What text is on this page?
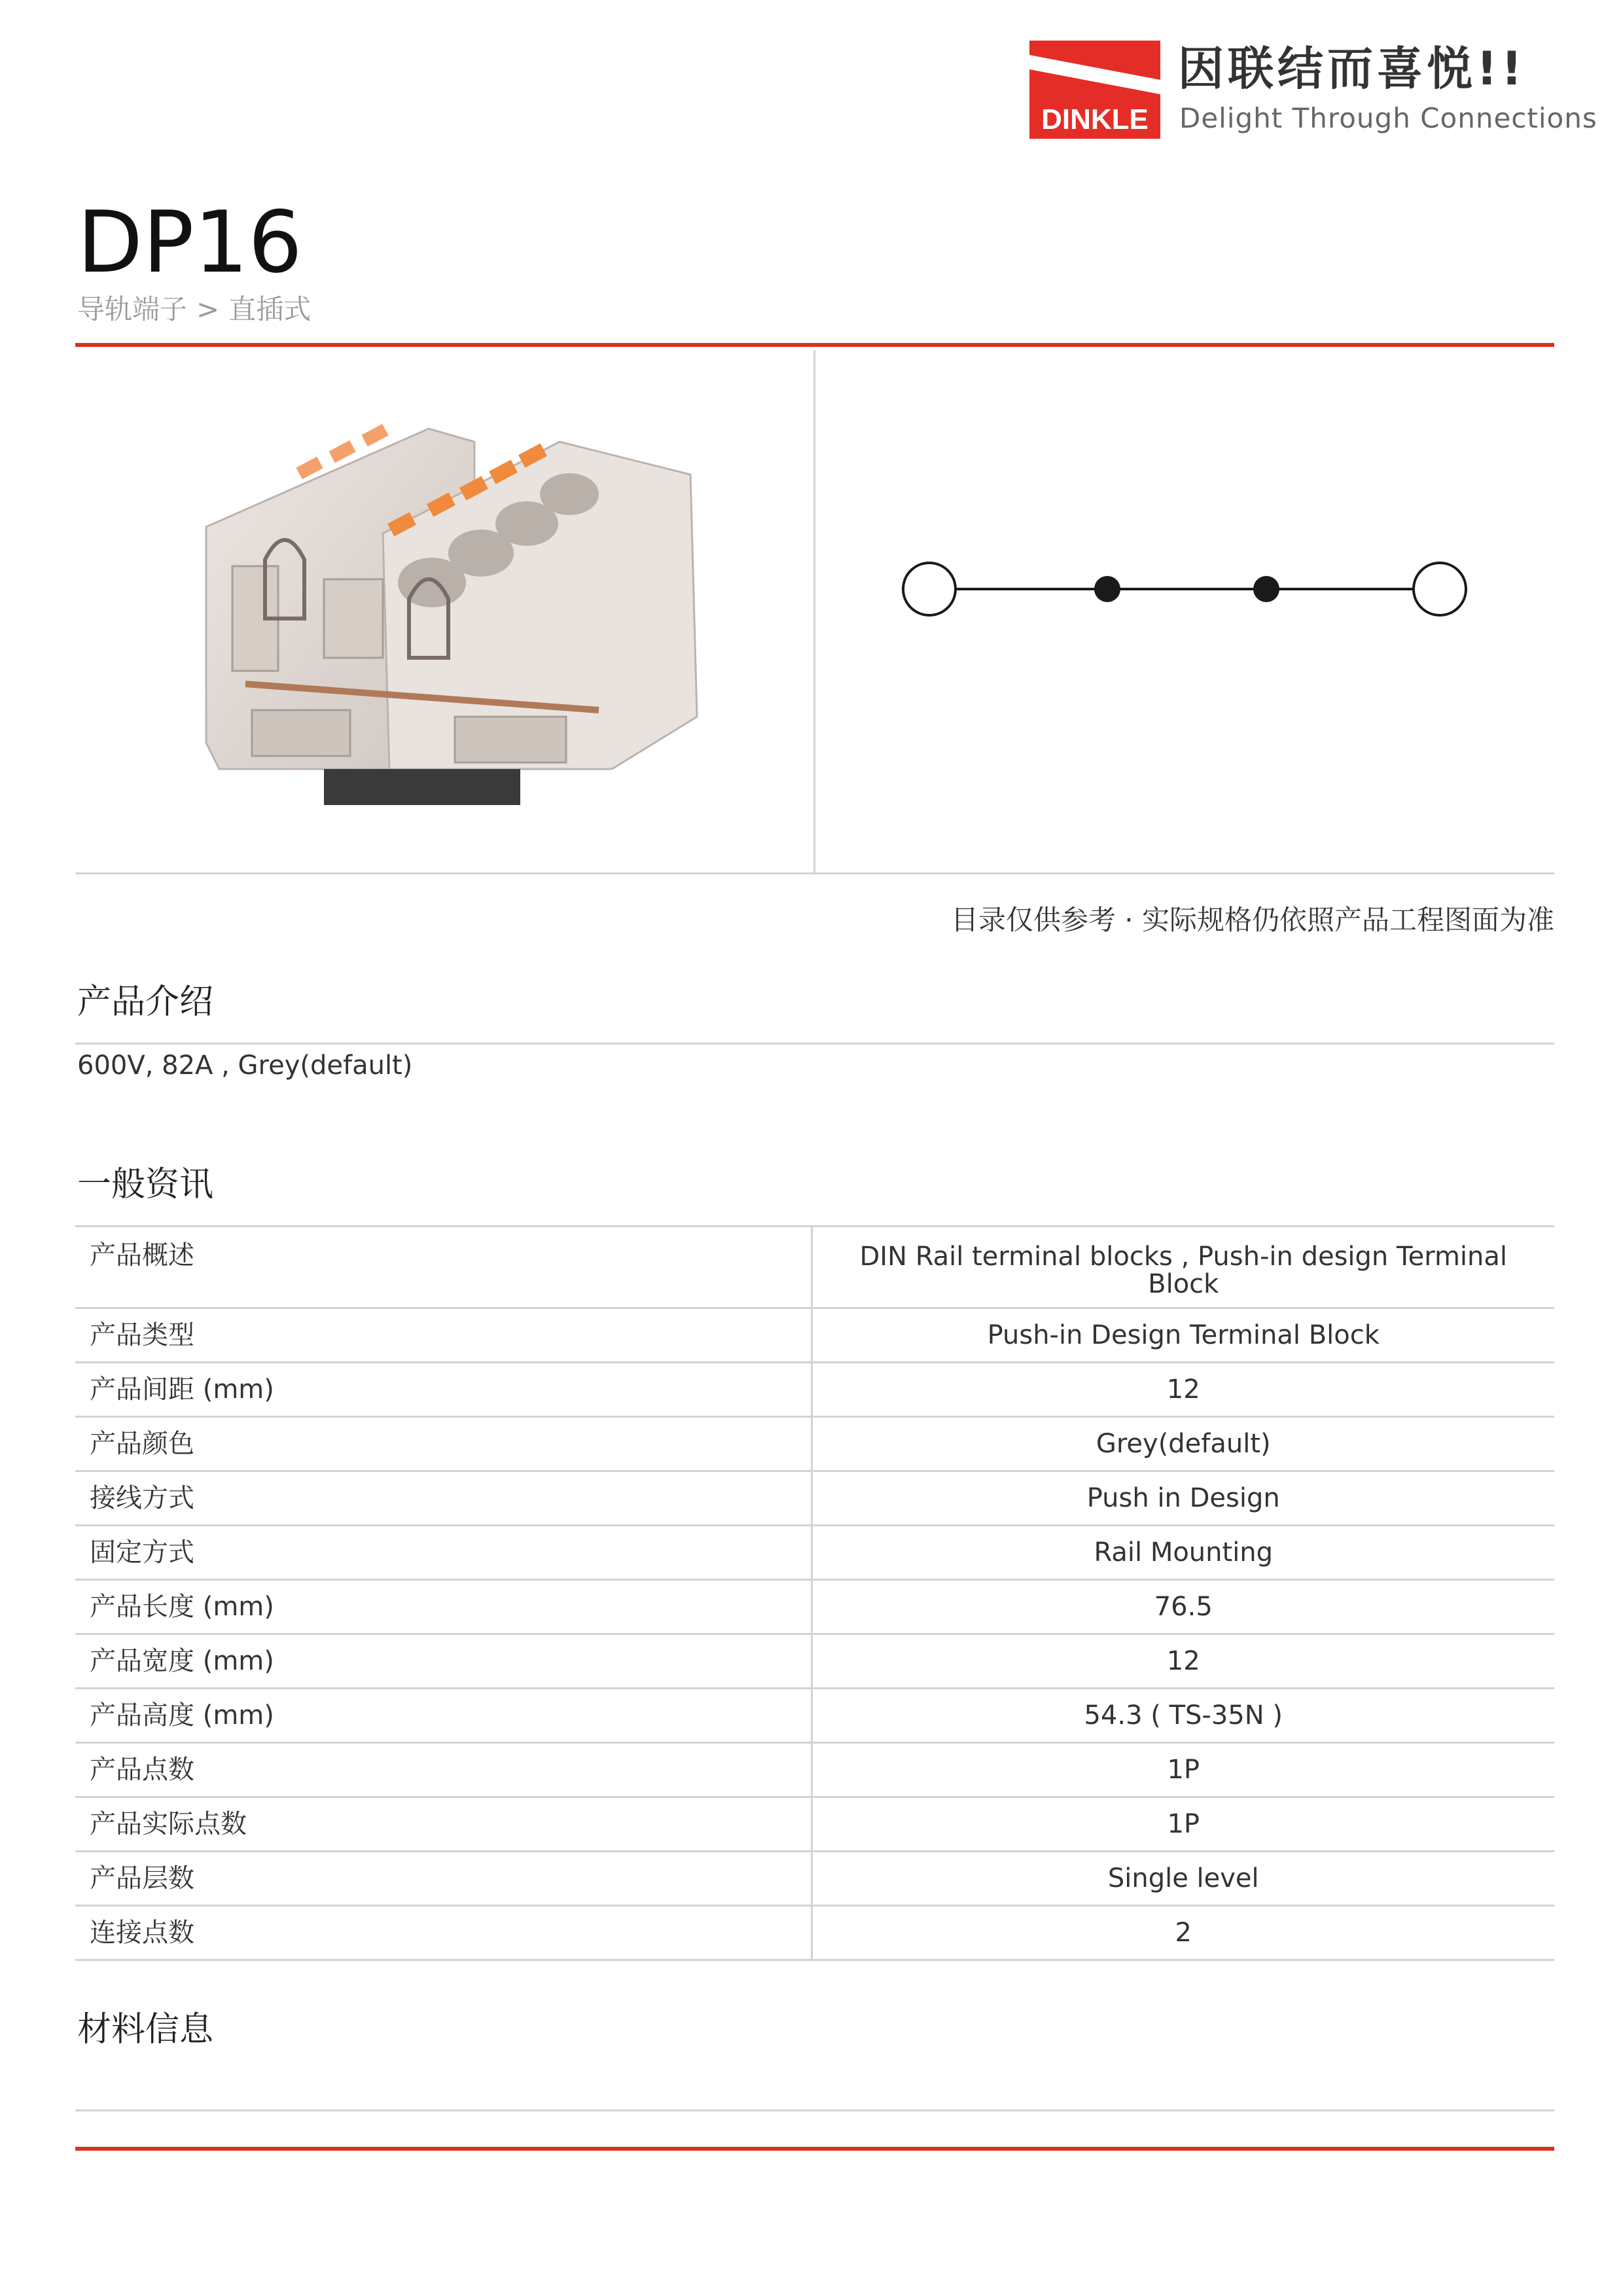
DINKLE
因联结而喜悦!!
Delight Through Connections
DP16
导轨端子 > 直插式
目录仅供参考 · 实际规格仍依照产品工程图面为准
产品介绍
600V, 82A , Grey(default)
一般资讯
产品概述	DIN Rail terminal blocks , Push-in design Terminal Block
产品类型	Push-in Design Terminal Block
产品间距 (mm)	12
产品颜色	Grey(default)
接线方式	Push in Design
固定方式	Rail Mounting
产品长度 (mm)	76.5
产品宽度 (mm)	12
产品高度 (mm)	54.3 ( TS-35N )
产品点数	1P
产品实际点数	1P
产品层数	Single level
连接点数	2
材料信息
